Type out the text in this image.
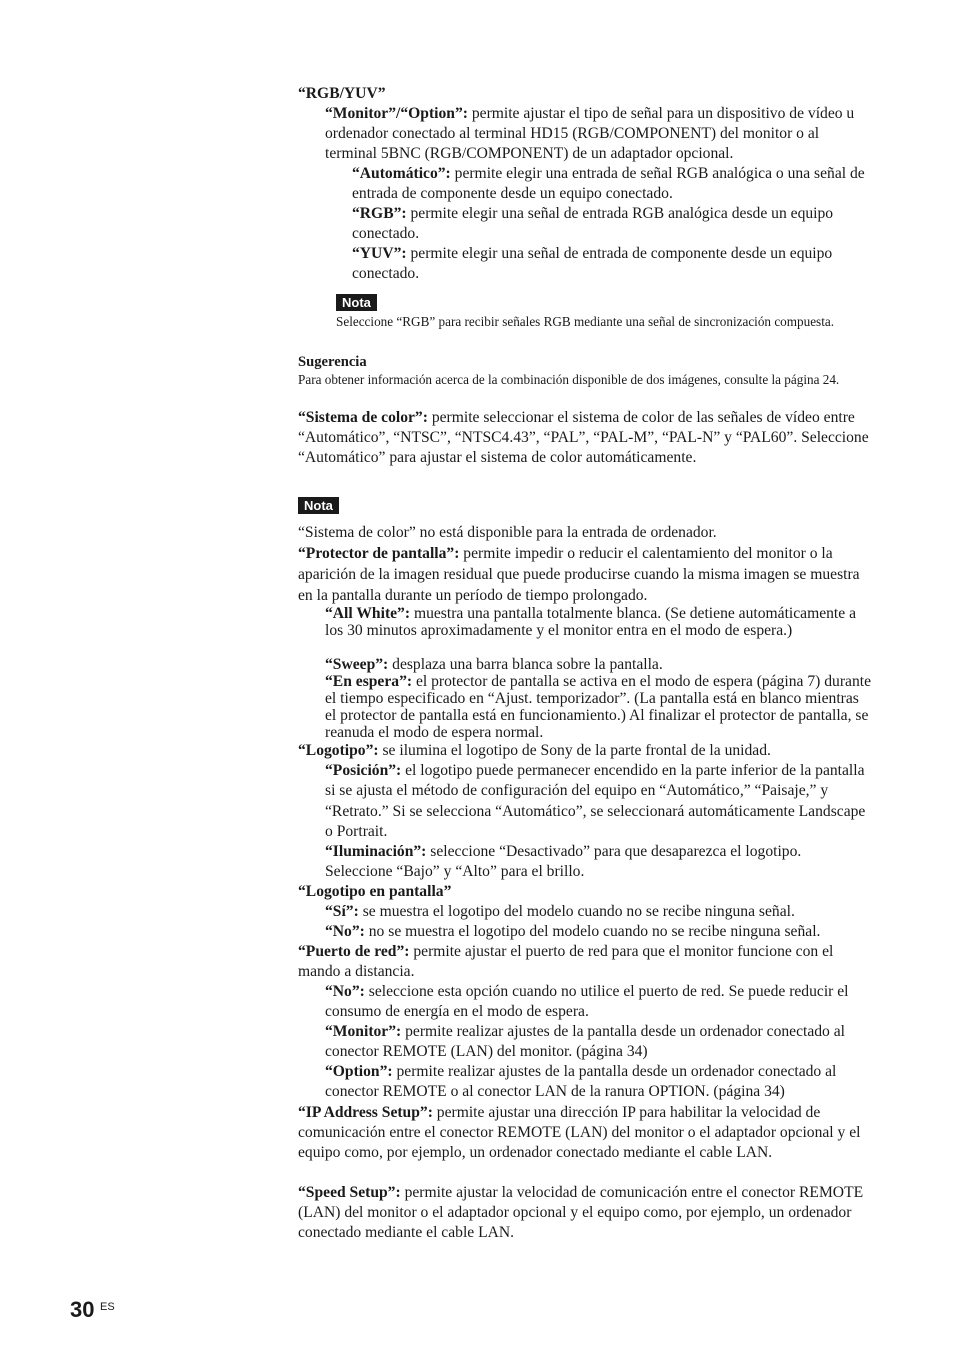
“RGB/YUV”

“Monitor”/“Option”: permite ajustar el tipo de señal para un dispositivo de vídeo u ordenador conectado al terminal HD15 (RGB/COMPONENT) del monitor o al terminal 5BNC (RGB/COMPONENT) de un adaptador opcional.

“Automático”: permite elegir una entrada de señal RGB analógica o una señal de entrada de componente desde un equipo conectado.

“RGB”: permite elegir una señal de entrada RGB analógica desde un equipo conectado.

“YUV”: permite elegir una señal de entrada de componente desde un equipo conectado.

Nota

Seleccione “RGB” para recibir señales RGB mediante una señal de sincronización compuesta.

Sugerencia

Para obtener información acerca de la combinación disponible de dos imágenes, consulte la página 24.

“Sistema de color”: permite seleccionar el sistema de color de las señales de vídeo entre “Automático”, “NTSC”, “NTSC4.43”, “PAL”, “PAL-M”, “PAL-N” y “PAL60”. Seleccione “Automático” para ajustar el sistema de color automáticamente.

Nota

“Sistema de color” no está disponible para la entrada de ordenador.

“Protector de pantalla”: permite impedir o reducir el calentamiento del monitor o la aparición de la imagen residual que puede producirse cuando la misma imagen se muestra en la pantalla durante un período de tiempo prolongado.

“All White”: muestra una pantalla totalmente blanca. (Se detiene automáticamente a los 30 minutos aproximadamente y el monitor entra en el modo de espera.)

“Sweep”: desplaza una barra blanca sobre la pantalla.

“En espera”: el protector de pantalla se activa en el modo de espera (página 7) durante el tiempo especificado en “Ajust. temporizador”. (La pantalla está en blanco mientras el protector de pantalla está en funcionamiento.) Al finalizar el protector de pantalla, se reanuda el modo de espera normal.

“Logotipo”: se ilumina el logotipo de Sony de la parte frontal de la unidad.

“Posición”: el logotipo puede permanecer encendido en la parte inferior de la pantalla si se ajusta el método de configuración del equipo en “Automático,” “Paisaje,” y “Retrato.” Si se selecciona “Automático”, se seleccionará automáticamente Landscape o Portrait.

“Iluminación”: seleccione “Desactivado” para que desaparezca el logotipo. Seleccione “Bajo” y “Alto” para el brillo.

“Logotipo en pantalla”

“Sí”: se muestra el logotipo del modelo cuando no se recibe ninguna señal.

“No”: no se muestra el logotipo del modelo cuando no se recibe ninguna señal.

“Puerto de red”: permite ajustar el puerto de red para que el monitor funcione con el mando a distancia.

“No”: seleccione esta opción cuando no utilice el puerto de red. Se puede reducir el consumo de energía en el modo de espera.

“Monitor”: permite realizar ajustes de la pantalla desde un ordenador conectado al conector REMOTE (LAN) del monitor. (página 34)

“Option”: permite realizar ajustes de la pantalla desde un ordenador conectado al conector REMOTE o al conector LAN de la ranura OPTION. (página 34)

“IP Address Setup”: permite ajustar una dirección IP para habilitar la velocidad de comunicación entre el conector REMOTE (LAN) del monitor o el adaptador opcional y el equipo como, por ejemplo, un ordenador conectado mediante el cable LAN.

“Speed Setup”: permite ajustar la velocidad de comunicación entre el conector REMOTE (LAN) del monitor o el adaptador opcional y el equipo como, por ejemplo, un ordenador conectado mediante el cable LAN.

30 ES
